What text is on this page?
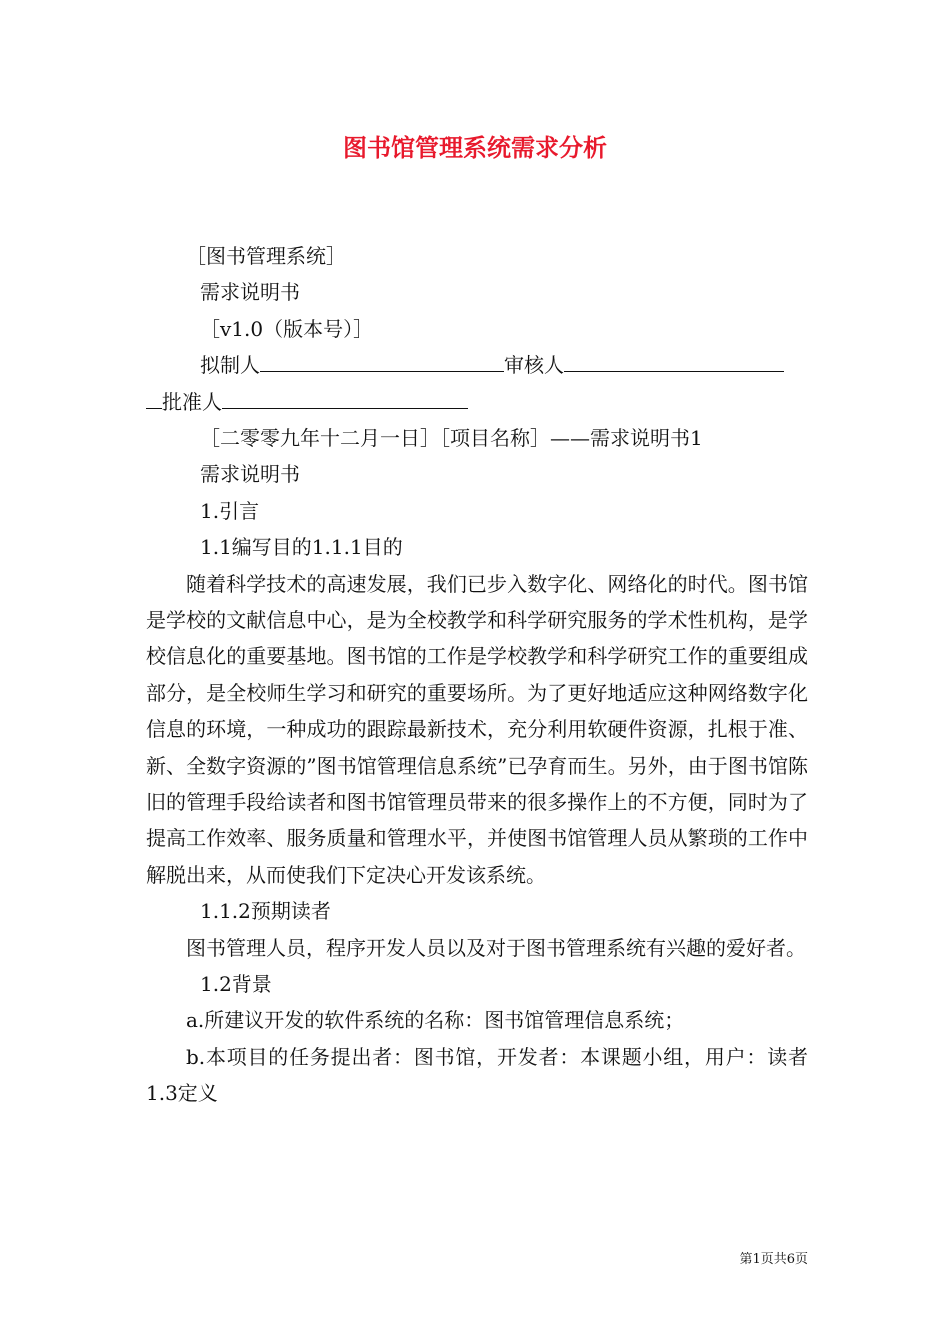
图书馆管理系统需求分析
［图书管理系统］
需求说明书
［v1.0（版本号）］
拟制人	审核人
批准人
［二零零九年十二月一日］［项目名称］——需求说明书1
需求说明书
1.引言
1.1编写目的1.1.1目的
随着科学技术的高速发展，我们已步入数字化、网络化的时代。图书馆是学校的文献信息中心，是为全校教学和科学研究服务的学术性机构，是学校信息化的重要基地。图书馆的工作是学校教学和科学研究工作的重要组成部分，是全校师生学习和研究的重要场所。为了更好地适应这种网络数字化信息的环境，一种成功的跟踪最新技术，充分利用软硬件资源，扎根于准、新、全数字资源的”图书馆管理信息系统”已孕育而生。另外，由于图书馆陈旧的管理手段给读者和图书馆管理员带来的很多操作上的不方便，同时为了提高工作效率、服务质量和管理水平，并使图书馆管理人员从繁琐的工作中解脱出来，从而使我们下定决心开发该系统。
1.1.2预期读者
图书管理人员，程序开发人员以及对于图书管理系统有兴趣的爱好者。
1.2背景
a.所建议开发的软件系统的名称：图书馆管理信息系统；
b.本项目的任务提出者：图书馆，开发者：本课题小组，用户：读者1.3定义
第1页共6页
